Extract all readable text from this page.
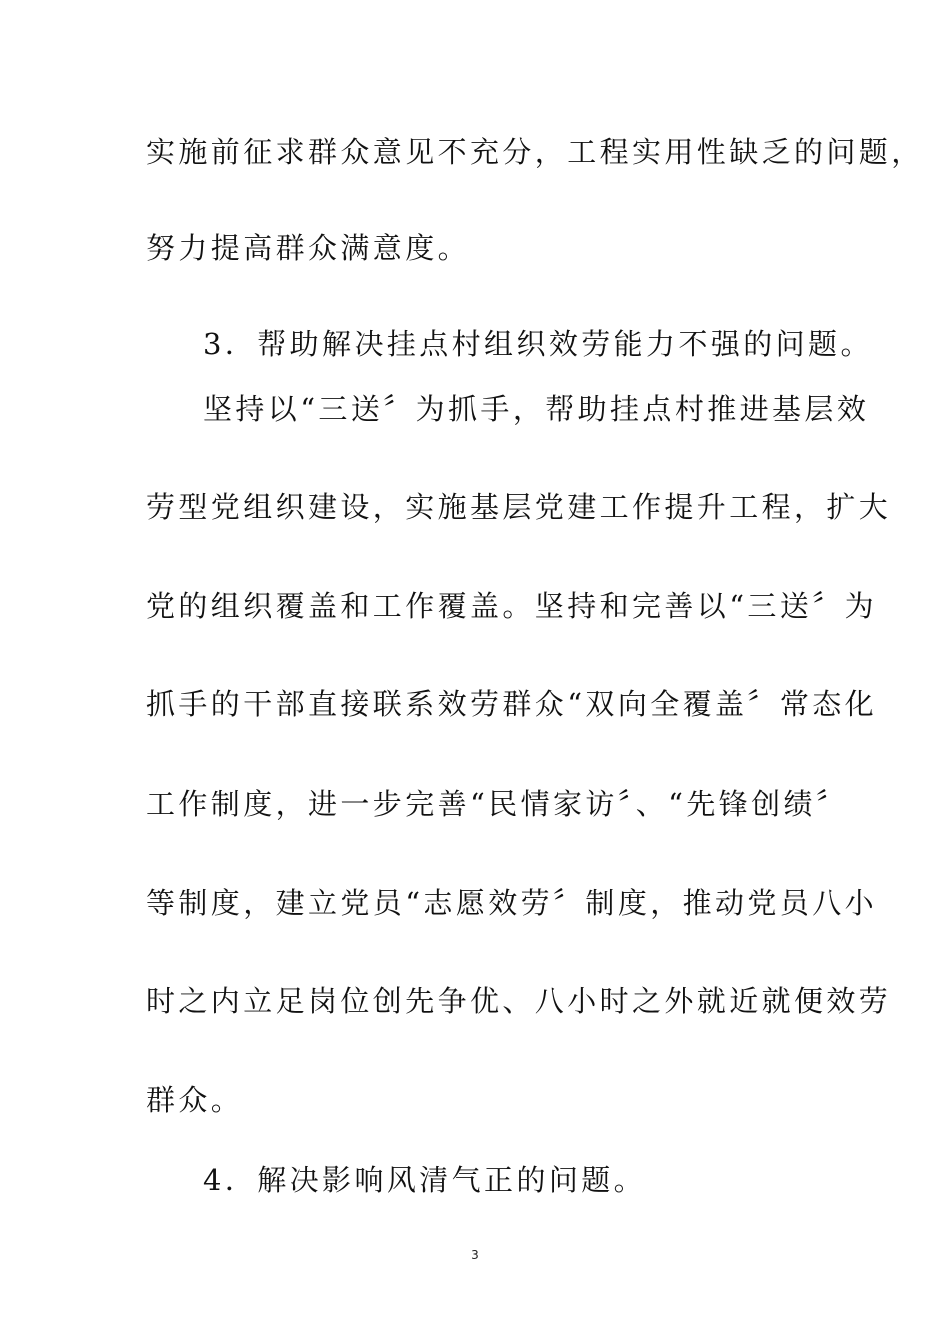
实施前征求群众意见不充分，工程实用性缺乏的问题，
努力提高群众满意度。
3．帮助解决挂点村组织效劳能力不强的问题。
坚持以“三送〞为抓手，帮助挂点村推进基层效
劳型党组织建设，实施基层党建工作提升工程，扩大
党的组织覆盖和工作覆盖。坚持和完善以“三送〞为
抓手的干部直接联系效劳群众“双向全覆盖〞常态化
工作制度，进一步完善“民情家访〞、“先锋创绩〞
等制度，建立党员“志愿效劳〞制度，推动党员八小
时之内立足岗位创先争优、八小时之外就近就便效劳
群众。
4．解决影响风清气正的问题。
3
